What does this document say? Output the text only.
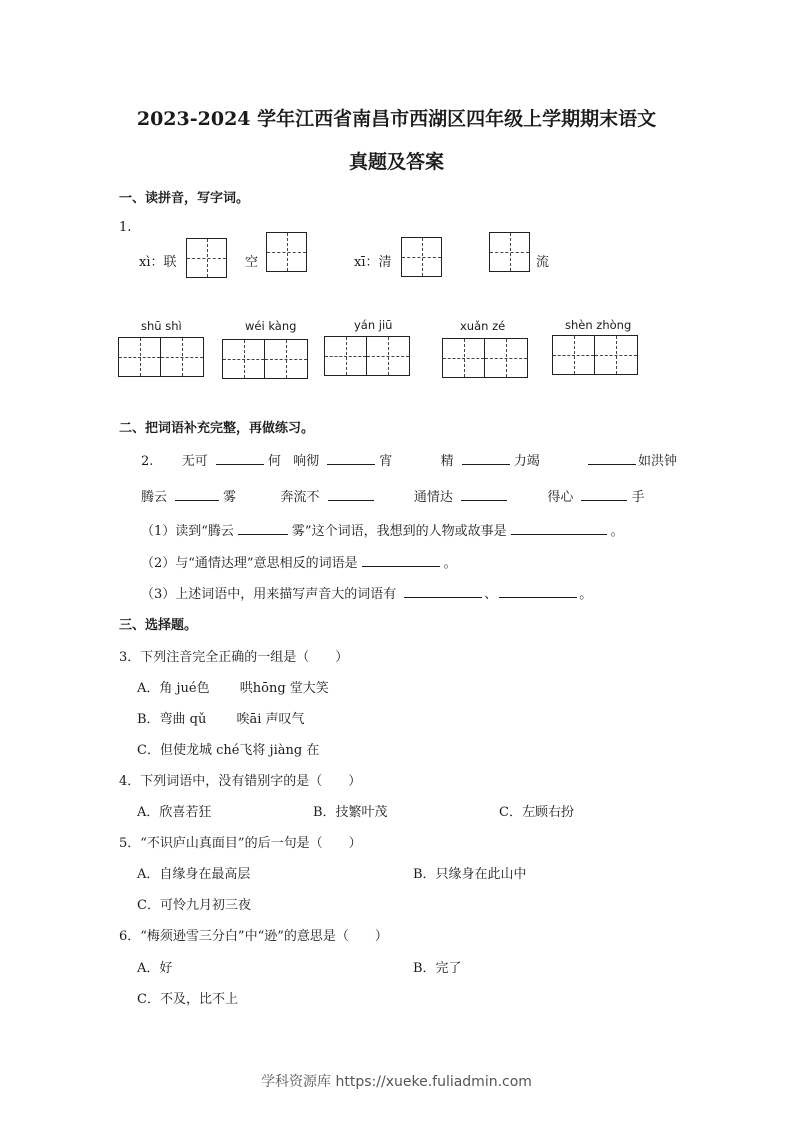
2023-2024 学年江西省南昌市西湖区四年级上学期期末语文
真题及答案
一、读拼音，写字词。
1.
xì：联	空	xī：清	流
shū shì	wéi kàng	yán jiū	xuǎn zé	shèn zhòng
二、把词语补充完整，再做练习。
2. 无可	何 响彻	宵	精	力竭	如洪钟
腾云	雾	奔流不	通情达	得心	手
（1）读到“腾云	雾”这个词语，我想到的人物或故事是	。
（2）与“通情达理”意思相反的词语是	。
（3）上述词语中，用来描写声音大的词语有	、	。
三、选择题。
3．下列注音完全正确的一组是（　　）
A．角 jué色　　 哄hōng 堂大笑
B．弯曲 qǔ　　 唉āi 声叹气
C．但使龙城 ché飞将 jiàng 在
4．下列词语中，没有错别字的是（　　）
A．欣喜若狂	B．技繁叶茂	C．左顾右扮
5．“不识庐山真面目”的后一句是（　　）
A．自缘身在最高层	B．只缘身在此山中
C．可怜九月初三夜
6．“梅须逊雪三分白”中“逊”的意思是（　　）
A．好	B．完了
C．不及，比不上
学科资源库 https://xueke.fuliadmin.com
